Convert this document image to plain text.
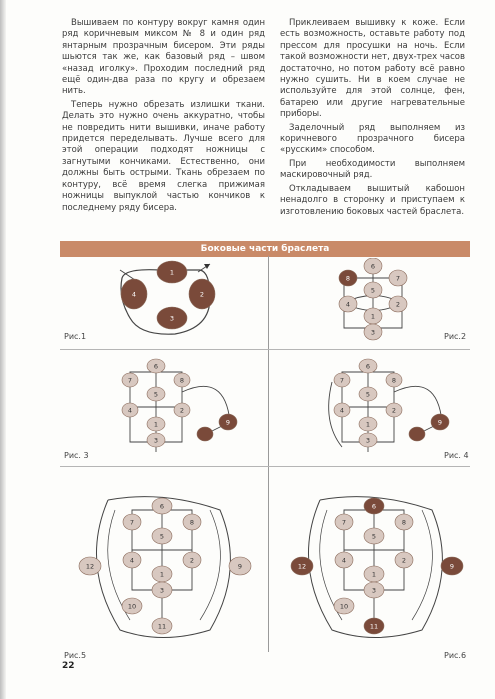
Вышиваем по контуру вокруг камня один ряд коричневым миксом № 8 и один ряд янтарным прозрачным бисером. Эти ряды шьются так же, как базовый ряд – швом «назад иголку». Проходим последний ряд ещё один-два раза по кругу и обрезаем нить.

Теперь нужно обрезать излишки ткани. Делать это нужно очень аккуратно, чтобы не повредить нити вышивки, иначе работу придется переделывать. Лучше всего для этой операции подходят ножницы с загнутыми кончиками. Естественно, они должны быть острыми. Ткань обрезаем по контуру, всё время слегка прижимая ножницы выпуклой частью кончиков к последнему ряду бисера.

Приклеиваем вышивку к коже. Если есть возможность, оставьте работу под прессом для просушки на ночь. Если такой возможности нет, двух-трех часов достаточно, но потом работу всё равно нужно сушить. Ни в коем случае не используйте для этой солнце, фен, батарею или другие нагревательные приборы.

Заделочный ряд выполняем из коричневого прозрачного бисера «русским» способом.

При необходимости выполняем маскировочный ряд.

Откладываем вышитый кабошон ненадолго в сторонку и приступаем к изготовлению боковых частей браслета.

Боковые части браслета
1
2
3
4
6
8	7
5
4	2
1
3
6
7	8
5
4	2
1
3
9
6
7	8
5
4	2
1
3
9
6
7	8
5
4	2
1
3
9
10
11
12
6
7	8
5
4	2
1
3
9
10
11
12
Рис.1	Рис.2
Рис. 3	Рис. 4
Рис.5	Рис.6
22
